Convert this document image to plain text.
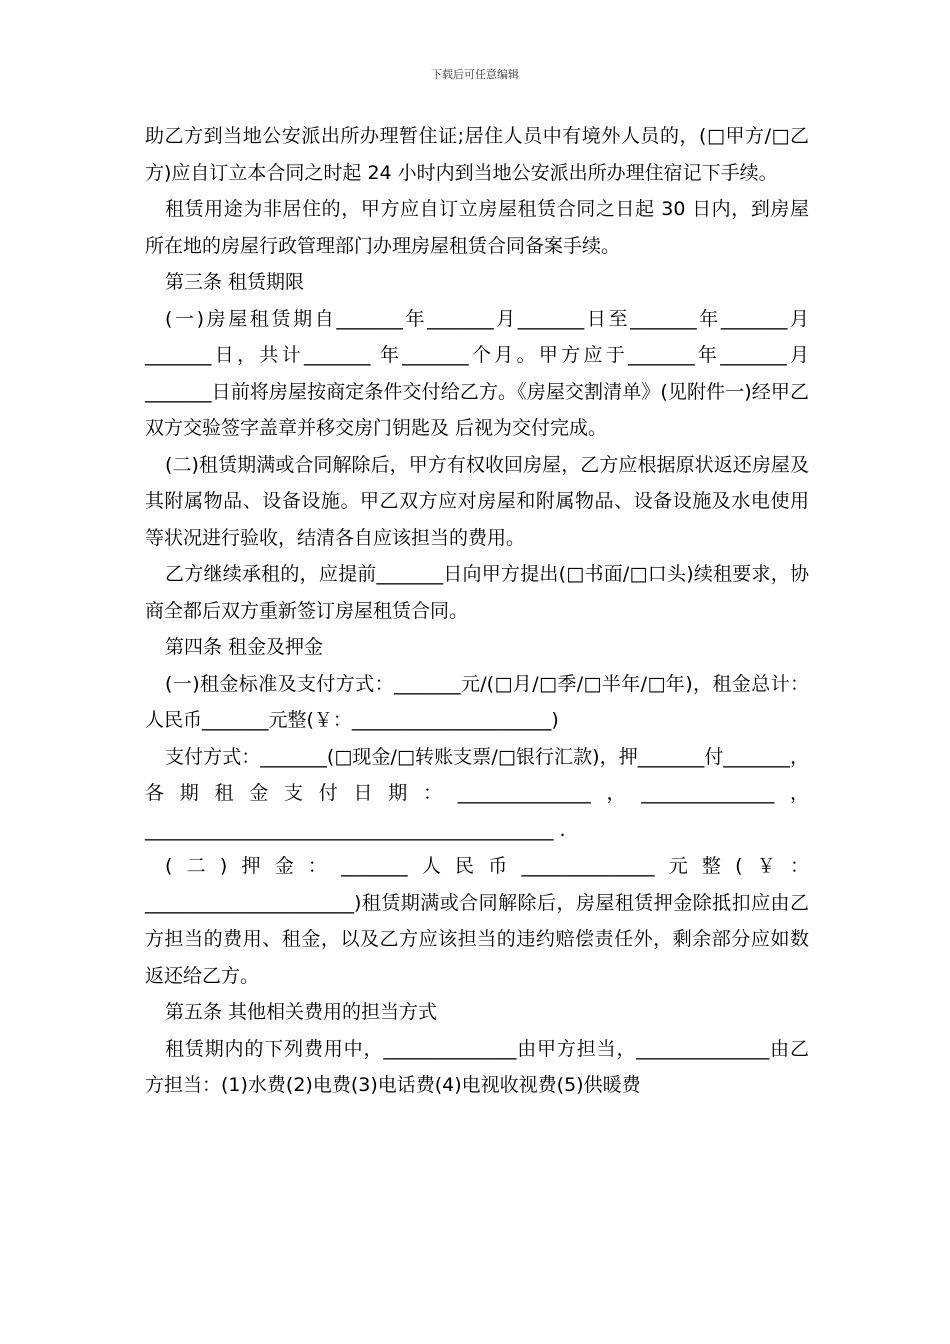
下载后可任意编辑

助乙方到当地公安派出所办理暂住证;居住人员中有境外人员的，(□甲方/□乙方)应自订立本合同之时起 24 小时内到当地公安派出所办理住宿记下手续。

租赁用途为非居住的，甲方应自订立房屋租赁合同之日起 30 日内，到房屋所在地的房屋行政管理部门办理房屋租赁合同备案手续。

第三条 租赁期限

(一)房屋租赁期自_______年_______月_______日至_______年_______月_______日，共计_______ 年_______个月。甲方应于_______年_______月_______日前将房屋按商定条件交付给乙方。《房屋交割清单》(见附件一)经甲乙双方交验签字盖章并移交房门钥匙及 后视为交付完成。

(二)租赁期满或合同解除后，甲方有权收回房屋，乙方应根据原状返还房屋及其附属物品、设备设施。甲乙双方应对房屋和附属物品、设备设施及水电使用等状况进行验收，结清各自应该担当的费用。

乙方继续承租的，应提前_______日向甲方提出(□书面/□口头)续租要求，协商全都后双方重新签订房屋租赁合同。

第四条 租金及押金

(一)租金标准及支付方式：_______元/(□月/□季/□半年/□年)，租金总计：人民币_______元整(￥：_____________________)

支付方式：_______(□现金/□转账支票/□银行汇款)，押_______付_______，各期租金支付日期：______________，______________，___________________________________________ .

(二)押金：_______人民币______________元整(￥：______________________)租赁期满或合同解除后，房屋租赁押金除抵扣应由乙方担当的费用、租金，以及乙方应该担当的违约赔偿责任外，剩余部分应如数返还给乙方。

第五条 其他相关费用的担当方式

租赁期内的下列费用中，______________由甲方担当，______________由乙方担当：(1)水费(2)电费(3)电话费(4)电视收视费(5)供暖费
